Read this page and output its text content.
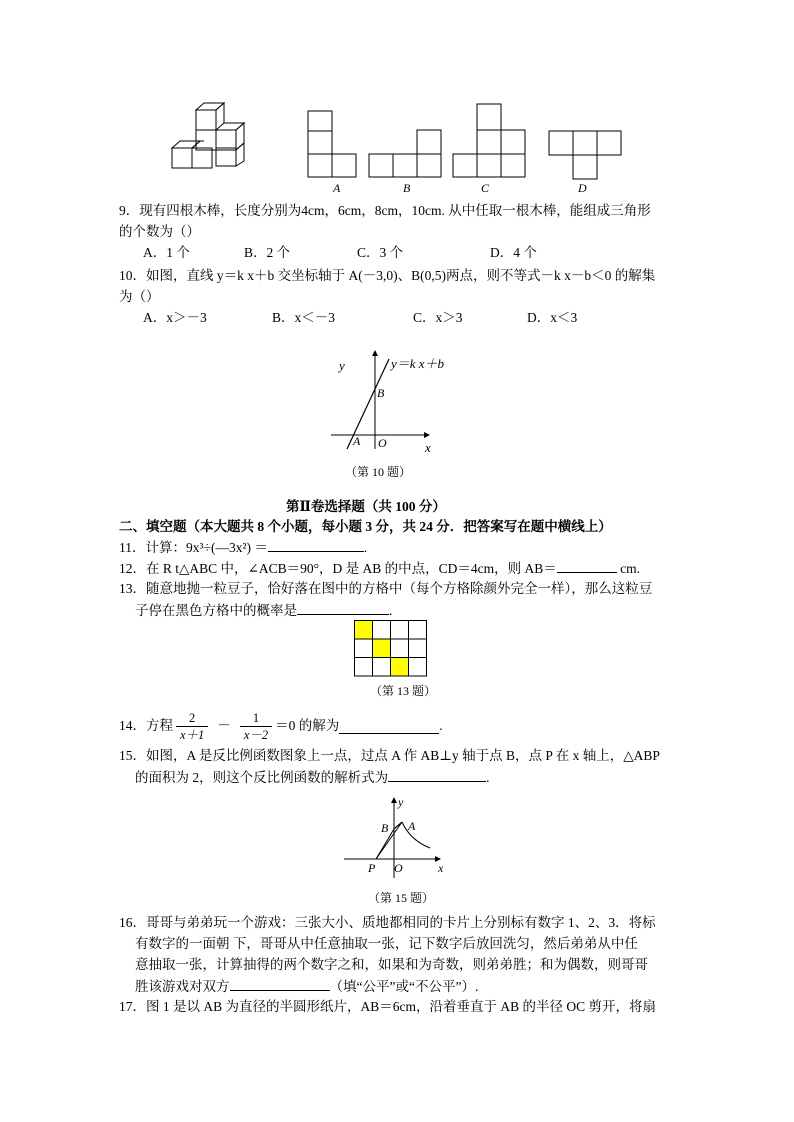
A	B	C	D
9．现有四根木棒，长度分别为4cm，6cm，8cm，10cm. 从中任取一根木棒，能组成三角形
的个数为（）
A．1 个	B．2 个	C．3 个	D．4 个
10．如图，直线 y＝k x＋b 交坐标轴于 A(－3,0)、B(0,5)两点，则不等式－k x－b＜0 的解集
为（）
A．x＞－3	B．x＜－3	C．x＞3	D．x＜3
y
x
y＝k x＋b
B
A O
（第 10 题）
第Ⅱ卷选择题（共 100 分）
二、填空题（本大题共 8 个小题，每小题 3 分，共 24 分．把答案写在题中横线上）
11．计算：9x³÷(—3x²) ＝	.
12．在 R t△ABC 中，∠ACB＝90°，D 是 AB 的中点，CD＝4cm，则 AB＝	cm.
13．随意地抛一粒豆子，恰好落在图中的方格中（每个方格除颜外完全一样），那么这粒豆
子停在黑色方格中的概率是	.
（第 13 题）
14．方程 $\frac{2}{x+1} - \frac{1}{x-2} =0$ 的解为	.
15．如图，A 是反比例函数图象上一点，过点 A 作 AB⊥y 轴于点 B，点 P 在 x 轴上，△ABP
的面积为 2，则这个反比例函数的解析式为	.
y
x
B A
P O
（第 15 题）
16．哥哥与弟弟玩一个游戏：三张大小、质地都相同的卡片上分别标有数字 1、2、3．将标
有数字的一面朝 下，哥哥从中任意抽取一张，记下数字后放回洗匀，然后弟弟从中任
意抽取一张，计算抽得的两个数字之和，如果和为奇数，则弟弟胜；和为偶数，则哥哥
胜该游戏对双方	（填“公平”或“不公平”）.
17．图 1 是以 AB 为直径的半圆形纸片，AB＝6cm，沿着垂直于 AB 的半径 OC 剪开，将扇
